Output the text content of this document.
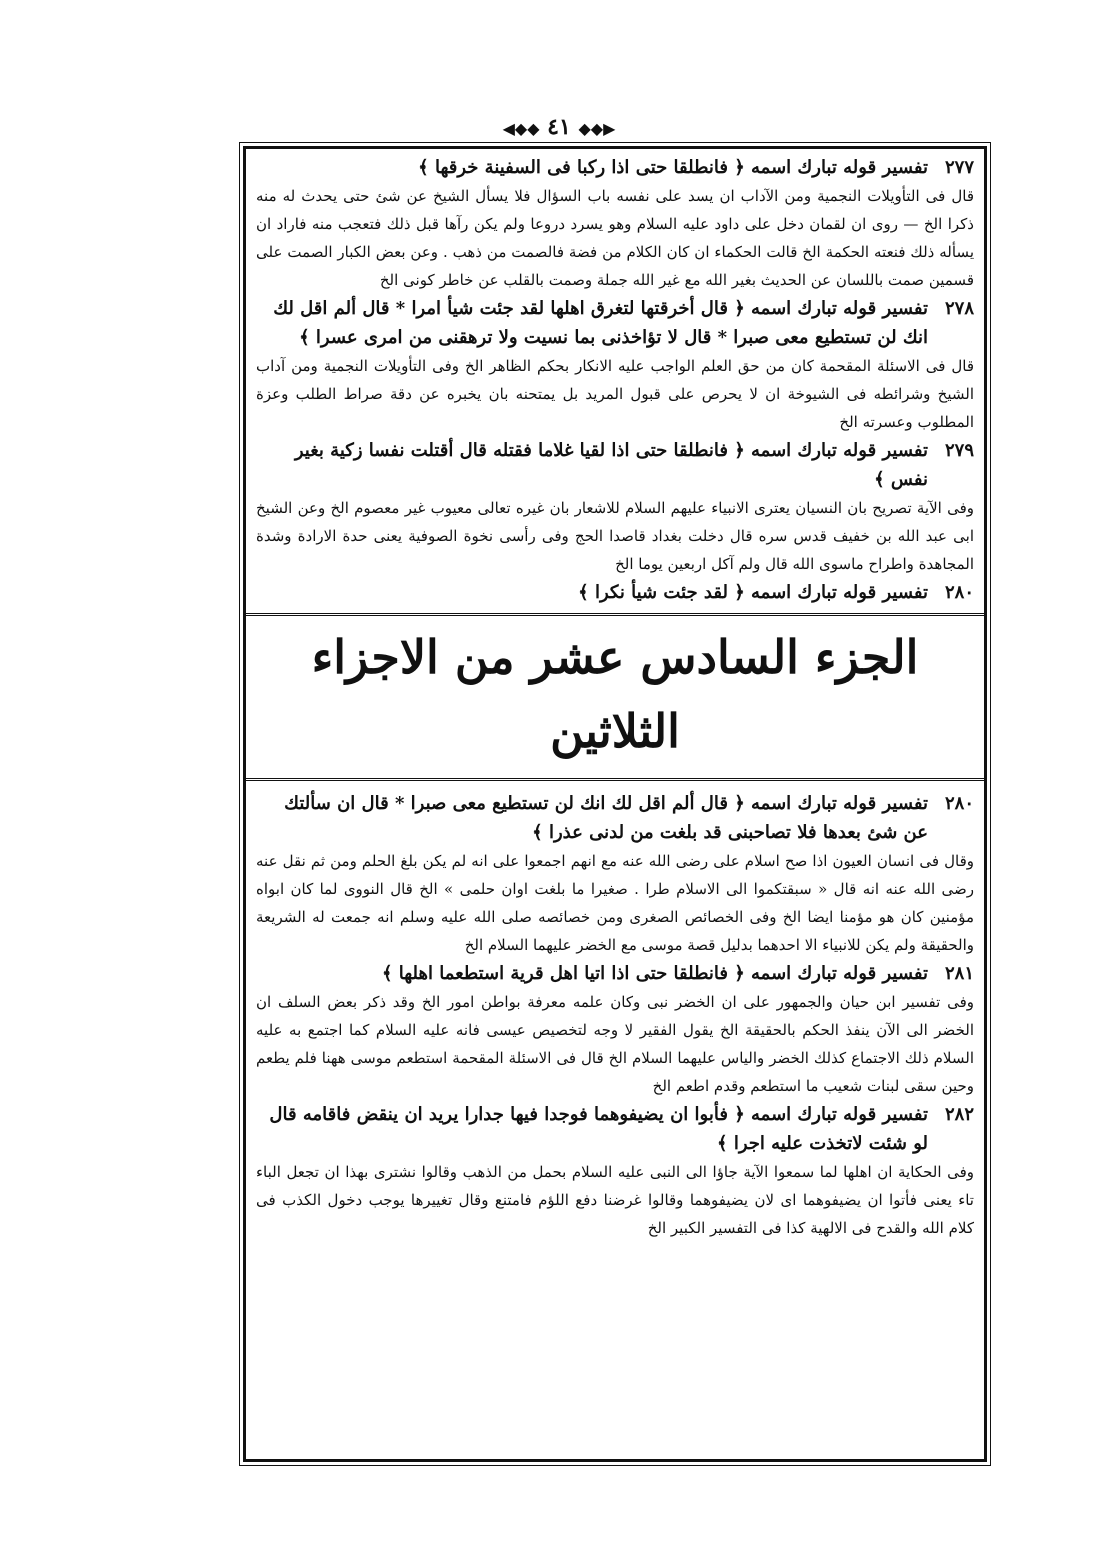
◀◆◆ ٤١ ◆◆▶
٢٧٧
تفسير قوله تبارك اسمه ﴿ فانطلقا حتى اذا ركبا فى السفينة خرقها ﴾
قال فى التأويلات النجمية ومن الآداب ان يسد على نفسه باب السؤال فلا يسأل الشيخ عن شئ حتى يحدث له منه ذكرا الخ — روى ان لقمان دخل على داود عليه السلام وهو يسرد دروعا ولم يكن رآها قبل ذلك فتعجب منه فاراد ان يسأله ذلك فنعته الحكمة الخ قالت الحكماء ان كان الكلام من فضة فالصمت من ذهب . وعن بعض الكبار الصمت على قسمين صمت باللسان عن الحديث بغير الله مع غير الله جملة وصمت بالقلب عن خاطر كونى الخ
٢٧٨
تفسير قوله تبارك اسمه ﴿ قال أخرقتها لتغرق اهلها لقد جئت شيأ امرا * قال ألم اقل لك انك لن تستطيع معى صبرا * قال لا تؤاخذنى بما نسيت ولا ترهقنى من امرى عسرا ﴾
قال فى الاسئلة المقحمة كان من حق العلم الواجب عليه الانكار بحكم الظاهر الخ وفى التأويلات النجمية ومن آداب الشيخ وشرائطه فى الشيوخة ان لا يحرص على قبول المريد بل يمتحنه بان يخبره عن دقة صراط الطلب وعزة المطلوب وعسرته الخ
٢٧٩
تفسير قوله تبارك اسمه ﴿ فانطلقا حتى اذا لقيا غلاما فقتله قال أقتلت نفسا زكية بغير نفس ﴾
وفى الآية تصريح بان النسيان يعترى الانبياء عليهم السلام للاشعار بان غيره تعالى معيوب غير معصوم الخ وعن الشيخ ابى عبد الله بن خفيف قدس سره قال دخلت بغداد قاصدا الحج وفى رأسى نخوة الصوفية يعنى حدة الارادة وشدة المجاهدة واطراح ماسوى الله قال ولم آكل اربعين يوما الخ
٢٨٠
تفسير قوله تبارك اسمه ﴿ لقد جئت شيأ نكرا ﴾
الجزء السادس عشر من الاجزاء الثلاثين
٢٨٠
تفسير قوله تبارك اسمه ﴿ قال ألم اقل لك انك لن تستطيع معى صبرا * قال ان سألتك عن شئ بعدها فلا تصاحبنى قد بلغت من لدنى عذرا ﴾
وقال فى انسان العيون اذا صح اسلام على رضى الله عنه مع انهم اجمعوا على انه لم يكن بلغ الحلم ومن ثم نقل عنه رضى الله عنه انه قال « سبقتكموا الى الاسلام طرا . صغيرا ما بلغت اوان حلمى » الخ قال النووى لما كان ابواه مؤمنين كان هو مؤمنا ايضا الخ وفى الخصائص الصغرى ومن خصائصه صلى الله عليه وسلم انه جمعت له الشريعة والحقيقة ولم يكن للانبياء الا احدهما بدليل قصة موسى مع الخضر عليهما السلام الخ
٢٨١
تفسير قوله تبارك اسمه ﴿ فانطلقا حتى اذا اتيا اهل قرية استطعما اهلها ﴾
وفى تفسير ابن حيان والجمهور على ان الخضر نبى وكان علمه معرفة بواطن امور الخ وقد ذكر بعض السلف ان الخضر الى الآن ينفذ الحكم بالحقيقة الخ يقول الفقير لا وجه لتخصيص عيسى فانه عليه السلام كما اجتمع به عليه السلام ذلك الاجتماع كذلك الخضر والياس عليهما السلام الخ قال فى الاسئلة المقحمة استطعم موسى ههنا فلم يطعم وحين سقى لبنات شعيب ما استطعم وقدم اطعم الخ
٢٨٢
تفسير قوله تبارك اسمه ﴿ فأبوا ان يضيفوهما فوجدا فيها جدارا يريد ان ينقض فاقامه قال لو شئت لاتخذت عليه اجرا ﴾
وفى الحكاية ان اهلها لما سمعوا الآية جاؤا الى النبى عليه السلام بحمل من الذهب وقالوا نشترى بهذا ان تجعل الباء تاء يعنى فأتوا ان يضيفوهما اى لان يضيفوهما وقالوا غرضنا دفع اللؤم فامتنع وقال تغييرها يوجب دخول الكذب فى كلام الله والقدح فى الالهية كذا فى التفسير الكبير الخ
